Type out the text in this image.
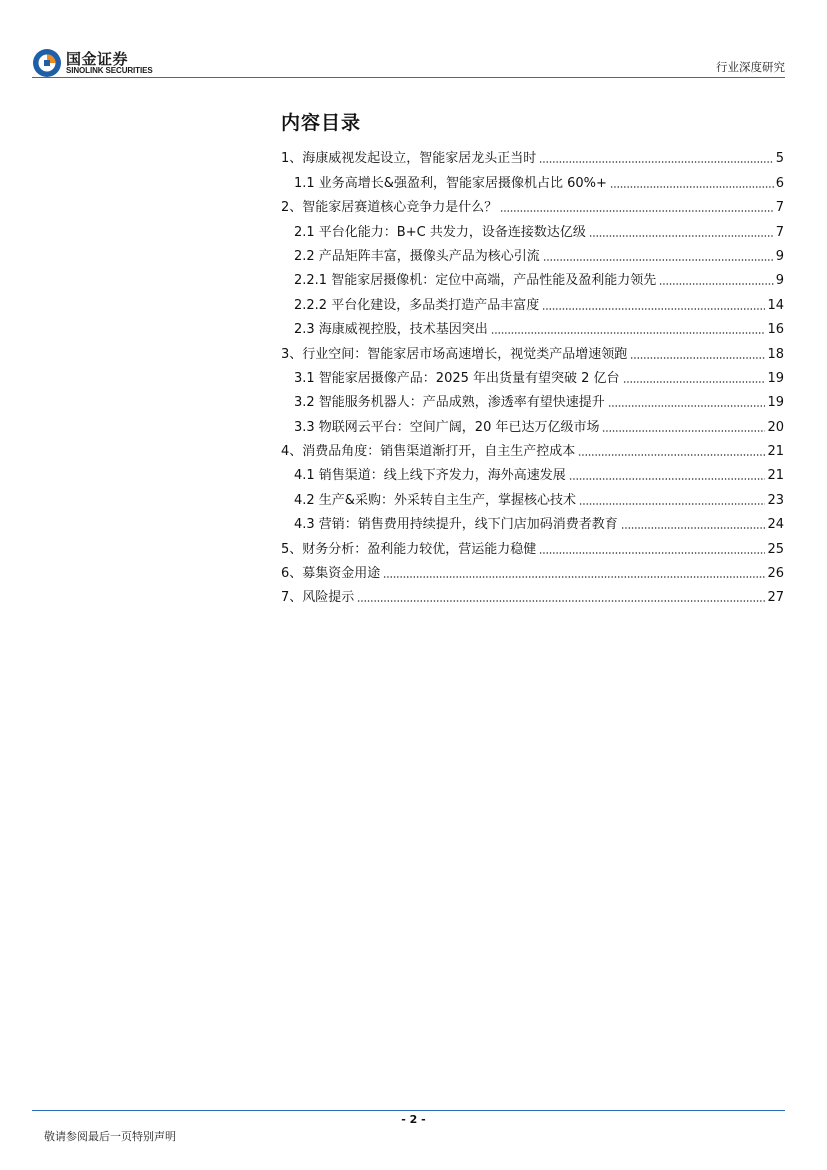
国金证券
SINOLINK SECURITIES	行业深度研究
内容目录
1、海康威视发起设立，智能家居龙头正当时	5
1.1 业务高增长&强盈利，智能家居摄像机占比 60%+	6
2、智能家居赛道核心竞争力是什么？	7
2.1 平台化能力：B+C 共发力，设备连接数达亿级	7
2.2 产品矩阵丰富，摄像头产品为核心引流	9
2.2.1 智能家居摄像机：定位中高端，产品性能及盈利能力领先	9
2.2.2 平台化建设，多品类打造产品丰富度	14
2.3 海康威视控股，技术基因突出	16
3、行业空间：智能家居市场高速增长，视觉类产品增速领跑	18
3.1 智能家居摄像产品：2025 年出货量有望突破 2 亿台	19
3.2 智能服务机器人：产品成熟，渗透率有望快速提升	19
3.3 物联网云平台：空间广阔，20 年已达万亿级市场	20
4、消费品角度：销售渠道渐打开，自主生产控成本	21
4.1 销售渠道：线上线下齐发力，海外高速发展	21
4.2 生产&采购：外采转自主生产，掌握核心技术	23
4.3 营销：销售费用持续提升，线下门店加码消费者教育	24
5、财务分析：盈利能力较优，营运能力稳健	25
6、募集资金用途	26
7、风险提示	27
- 2 -
敬请参阅最后一页特别声明
